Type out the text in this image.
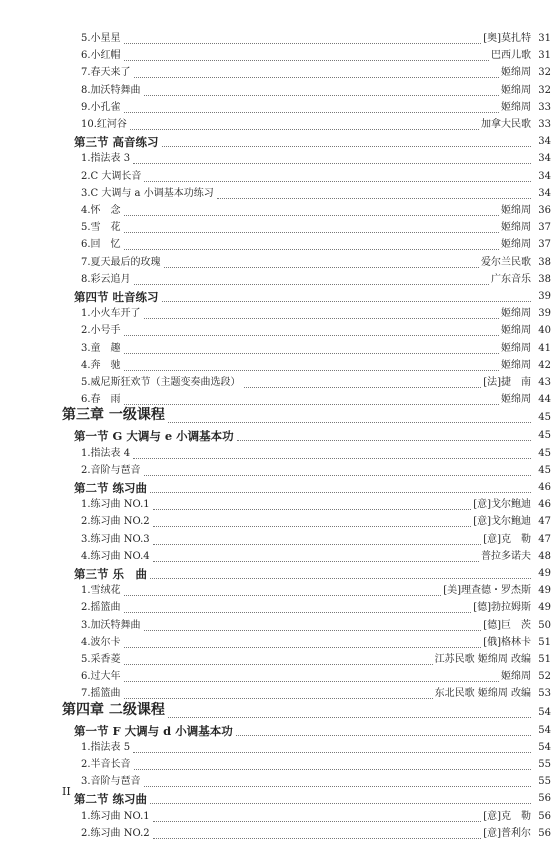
5.小星星	[奥]莫扎特 31
6.小红帽	巴西儿歌 31
7.春天来了	姬绵周 32
8.加沃特舞曲	姬绵周 32
9.小孔雀	姬绵周 33
10.红河谷	加拿大民歌 33
第三节 高音练习	34
1.指法表 3	34
2.C 大调长音	34
3.C 大调与 a 小调基本功练习	34
4.怀　念	姬绵周 36
5.雪　花	姬绵周 37
6.回　忆	姬绵周 37
7.夏天最后的玫瑰	爱尔兰民歌 38
8.彩云追月	广东音乐 38
第四节 吐音练习	39
1.小火车开了	姬绵周 39
2.小号手	姬绵周 40
3.童　趣	姬绵周 41
4.奔　驰	姬绵周 42
5.威尼斯狂欢节（主题变奏曲选段）	[法]捷　南 43
6.春　雨	姬绵周 44
第三章 一级课程	45
第一节 G 大调与 e 小调基本功	45
1.指法表 4	45
2.音阶与琶音	45
第二节 练习曲	46
1.练习曲 NO.1	[意]戈尔鲍迪 46
2.练习曲 NO.2	[意]戈尔鲍迪 47
3.练习曲 NO.3	[意]克　勒 47
4.练习曲 NO.4	普拉多诺夫 48
第三节 乐　曲	49
1.雪绒花	[美]理查德・罗杰斯 49
2.摇篮曲	[德]勃拉姆斯 49
3.加沃特舞曲	[德]巨　茨 50
4.波尔卡	[俄]格林卡 51
5.采香菱	江苏民歌 姬绵周 改编 51
6.过大年	姬绵周 52
7.摇篮曲	东北民歌 姬绵周 改编 53
第四章 二级课程	54
第一节 F 大调与 d 小调基本功	54
1.指法表 5	54
2.半音长音	55
3.音阶与琶音	55
第二节 练习曲	56
1.练习曲 NO.1	[意]克　勒 56
2.练习曲 NO.2	[意]普利尔 56
II
